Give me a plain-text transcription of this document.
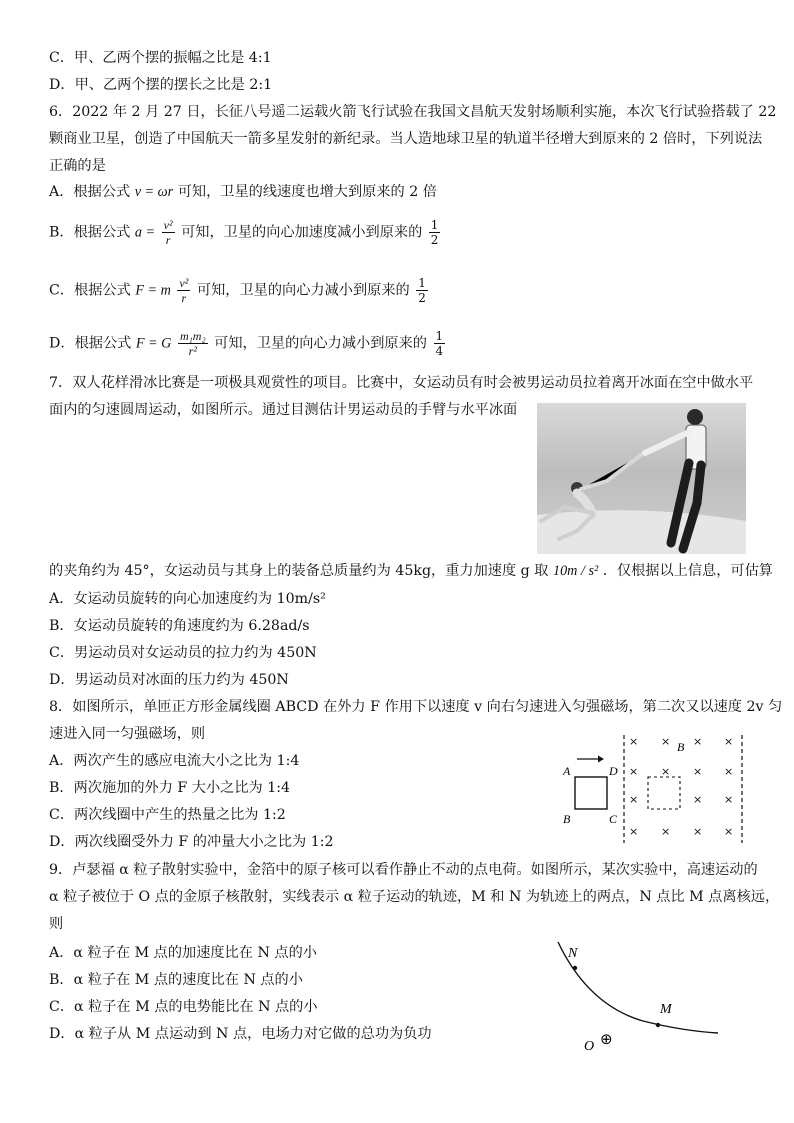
C．甲、乙两个摆的振幅之比是 4:1
D．甲、乙两个摆的摆长之比是 2:1
6．2022 年 2 月 27 日，长征八号遥二运载火箭飞行试验在我国文昌航天发射场顺利实施，本次飞行试验搭载了 22
颗商业卫星，创造了中国航天一箭多星发射的新纪录。当人造地球卫星的轨道半径增大到原来的 2 倍时，下列说法
正确的是
A．根据公式 v = ωr 可知，卫星的线速度也增大到原来的 2 倍
B．根据公式 $a = \frac{\text{v²}}{r}$ 可知，卫星的向心加速度减小到原来的 $\frac{1}{2}$
C．根据公式 F = m $\frac{\text{v²}}{r}$ 可知，卫星的向心力减小到原来的 $\frac{1}{2}$
D．根据公式 F = G $\frac{\text{m₁m₂}}{\text{r²}}$ 可知，卫星的向心力减小到原来的 $\frac{1}{4}$
7．双人花样滑冰比赛是一项极具观赏性的项目。比赛中，女运动员有时会被男运动员拉着离开冰面在空中做水平
面内的匀速圆周运动，如图所示。通过目测估计男运动员的手臂与水平冰面
的夹角约为 45°，女运动员与其身上的装备总质量约为 45kg，重力加速度 g 取 10m / s² ．仅根据以上信息，可估算
A．女运动员旋转的向心加速度约为 10m/s²
B．女运动员旋转的角速度约为 6.28ad/s
C．男运动员对女运动员的拉力约为 450N
D．男运动员对冰面的压力约为 450N
8．如图所示，单匝正方形金属线圈 ABCD 在外力 F 作用下以速度 v 向右匀速进入匀强磁场，第二次又以速度 2v 匀
速进入同一匀强磁场，则
A．两次产生的感应电流大小之比为 1:4
B．两次施加的外力 F 大小之比为 1:4
C．两次线圈中产生的热量之比为 1:2
D．两次线圈受外力 F 的冲量大小之比为 1:2
A	D
B	C
× × × ×
× × × ×
×	× ×
× × × ×
B
9．卢瑟福 α 粒子散射实验中，金箔中的原子核可以看作静止不动的点电荷。如图所示，某次实验中，高速运动的
α 粒子被位于 O 点的金原子核散射，实线表示 α 粒子运动的轨迹，M 和 N 为轨迹上的两点，N 点比 M 点离核远，
则
A．α 粒子在 M 点的加速度比在 N 点的小
B．α 粒子在 M 点的速度比在 N 点的小
C．α 粒子在 M 点的电势能比在 N 点的小
D．α 粒子从 M 点运动到 N 点，电场力对它做的总功为负功
N
M
O ⊕
